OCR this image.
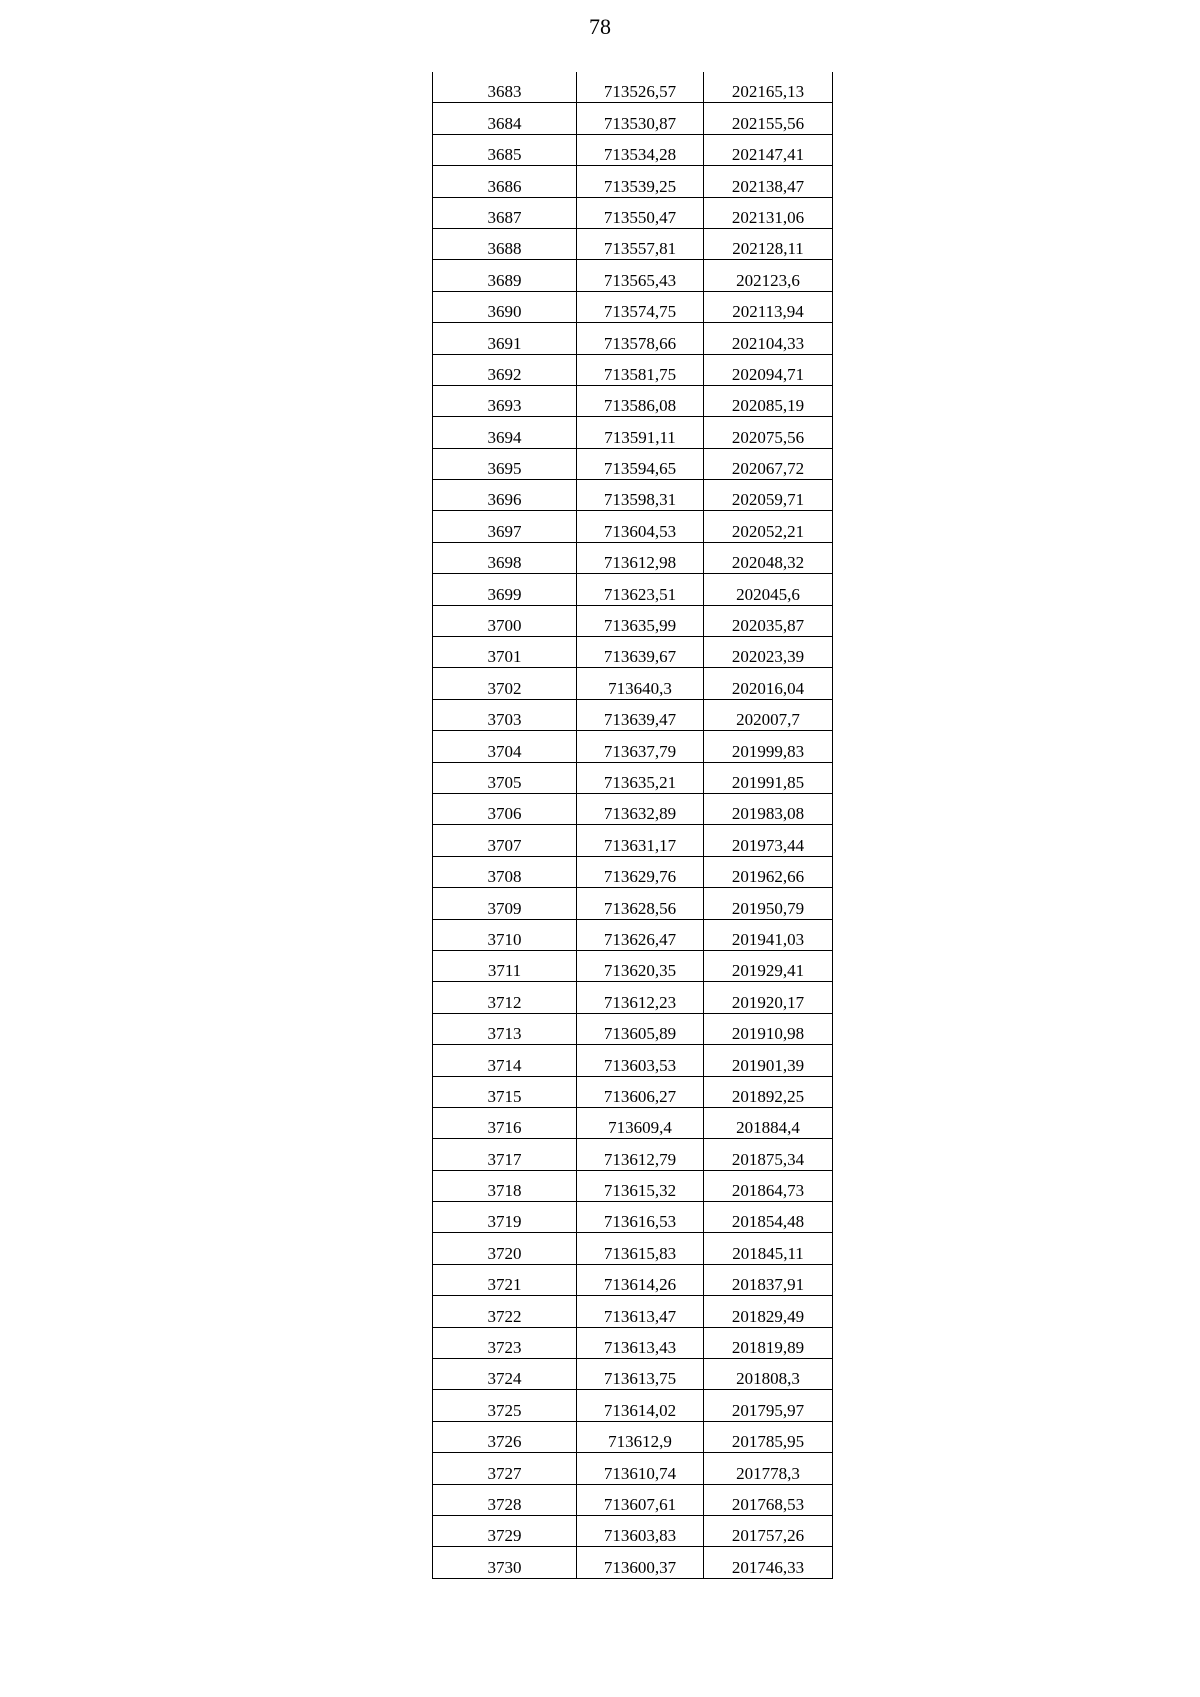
78
3683	713526,57	202165,13
3684	713530,87	202155,56
3685	713534,28	202147,41
3686	713539,25	202138,47
3687	713550,47	202131,06
3688	713557,81	202128,11
3689	713565,43	202123,6
3690	713574,75	202113,94
3691	713578,66	202104,33
3692	713581,75	202094,71
3693	713586,08	202085,19
3694	713591,11	202075,56
3695	713594,65	202067,72
3696	713598,31	202059,71
3697	713604,53	202052,21
3698	713612,98	202048,32
3699	713623,51	202045,6
3700	713635,99	202035,87
3701	713639,67	202023,39
3702	713640,3	202016,04
3703	713639,47	202007,7
3704	713637,79	201999,83
3705	713635,21	201991,85
3706	713632,89	201983,08
3707	713631,17	201973,44
3708	713629,76	201962,66
3709	713628,56	201950,79
3710	713626,47	201941,03
3711	713620,35	201929,41
3712	713612,23	201920,17
3713	713605,89	201910,98
3714	713603,53	201901,39
3715	713606,27	201892,25
3716	713609,4	201884,4
3717	713612,79	201875,34
3718	713615,32	201864,73
3719	713616,53	201854,48
3720	713615,83	201845,11
3721	713614,26	201837,91
3722	713613,47	201829,49
3723	713613,43	201819,89
3724	713613,75	201808,3
3725	713614,02	201795,97
3726	713612,9	201785,95
3727	713610,74	201778,3
3728	713607,61	201768,53
3729	713603,83	201757,26
3730	713600,37	201746,33
